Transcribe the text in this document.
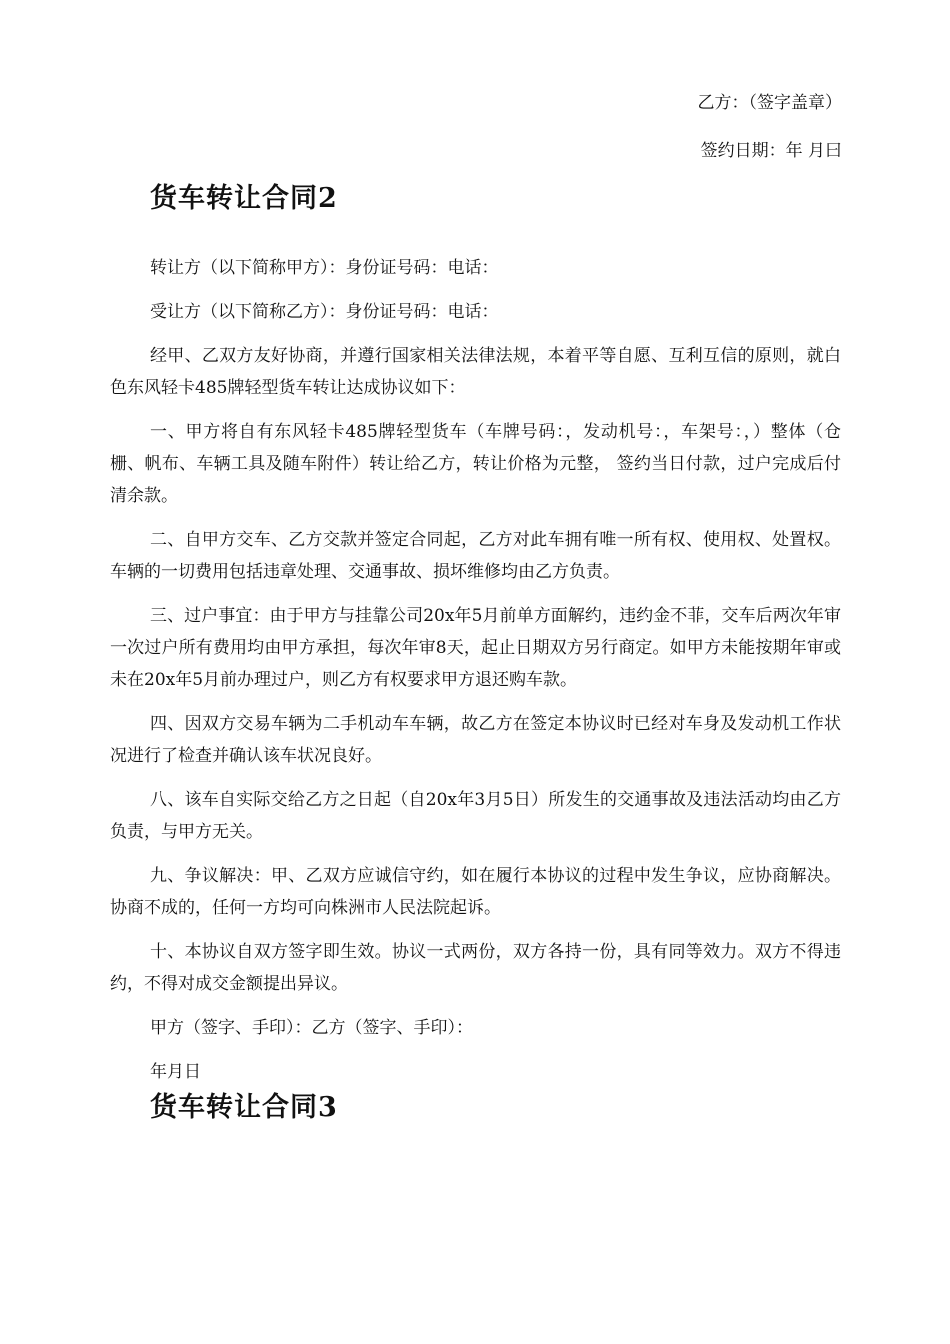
乙方：（签字盖章）
签约日期：年 月曰
货车转让合同2

转让方（以下简称甲方）：身份证号码：电话：

受让方（以下简称乙方）：身份证号码：电话：

经甲、乙双方友好协商，并遵行国家相关法律法规，本着平等自愿、互利互信的原则，就白色东风轻卡485牌轻型货车转让达成协议如下：

一、甲方将自有东风轻卡485牌轻型货车（车牌号码：，发动机号：，车架号：，）整体（仓栅、帆布、车辆工具及随车附件）转让给乙方，转让价格为元整， 签约当日付款，过户完成后付清余款。

二、自甲方交车、乙方交款并签定合同起，乙方对此车拥有唯一所有权、使用权、处置权。车辆的一切费用包括违章处理、交通事故、损坏维修均由乙方负责。

三、过户事宜：由于甲方与挂靠公司20x年5月前单方面解约，违约金不菲，交车后两次年审一次过户所有费用均由甲方承担，每次年审8天，起止日期双方另行商定。如甲方未能按期年审或未在20x年5月前办理过户，则乙方有权要求甲方退还购车款。

四、因双方交易车辆为二手机动车车辆，故乙方在签定本协议时已经对车身及发动机工作状况进行了检查并确认该车状况良好。

八、该车自实际交给乙方之日起（自20x年3月5日）所发生的交通事故及违法活动均由乙方负责，与甲方无关。

九、争议解决：甲、乙双方应诚信守约，如在履行本协议的过程中发生争议，应协商解决。协商不成的，任何一方均可向株洲市人民法院起诉。

十、本协议自双方签字即生效。协议一式两份，双方各持一份，具有同等效力。双方不得违约，不得对成交金额提出异议。

甲方（签字、手印）：乙方（签字、手印）：

年月日

货车转让合同3
